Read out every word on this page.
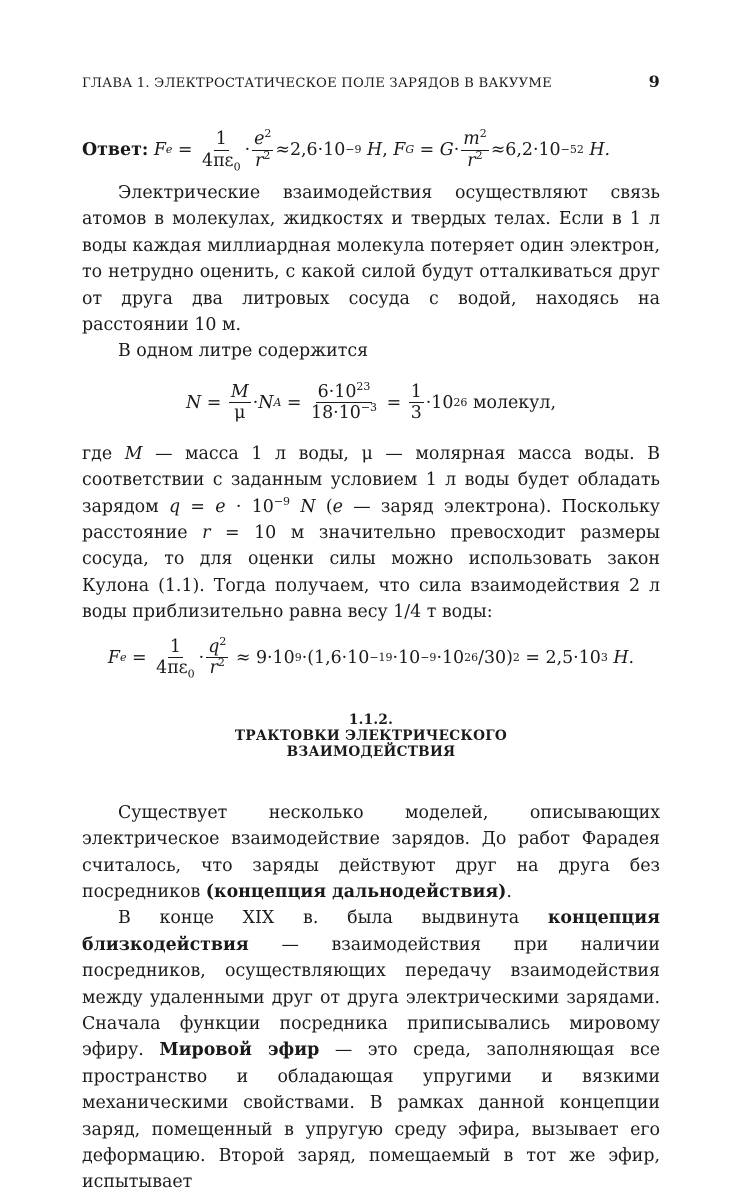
ГЛАВА 1. ЭЛЕКТРОСТАТИЧЕСКОЕ ПОЛЕ ЗАРЯДОВ В ВАКУУМЕ	9
Ответ:
F $e = \frac{1}{4\pi\varepsilon_0} \cdot \frac{e^2}{r^2} \approx 2,6\cdot 10 -9$
H , F $G = G \cdot \frac{m^2}{r^2} \approx 6,2\cdot 10 -52$
H.

Электрические взаимодействия осуществляют связь атомов в молекулах, жидкостях и твердых телах. Если в 1 л воды каждая миллиардная молекула потеряет один электрон, то нетрудно оценить, с какой силой будут отталкиваться друг от друга два литровых сосуда с водой, находясь на расстоянии 10 м.

В одном литре содержится

$N = \frac{M}{\mu} \cdot N$ $A = \frac{6\cdot 10^{23}}{18\cdot 10^{-3}} = \frac{1}{3} \cdot 10$ 26
молекул,

где M — масса 1 л воды, μ — молярная масса воды. В соответствии с заданным условием 1 л воды будет обладать зарядом $q = e \cdot 10^{-9}$ N (e — заряд электрона). Поскольку расстояние r = 10 м значительно превосходит размеры сосуда, то для оценки силы можно использовать закон Кулона (1.1). Тогда получаем, что сила взаимодействия 2 л воды приблизительно равна весу 1/4 т воды:

F $e = \frac{1}{4\pi\varepsilon_0} \cdot \frac{q^2}{r^2} \approx 9\cdot 10$ 9 ·(1,6·10 −19 ·10 −9 ·10 26 /30) 2 = 2,5·10 3
H .
1.1.2.
ТРАКТОВКИ ЭЛЕКТРИЧЕСКОГО
ВЗАИМОДЕЙСТВИЯ

Существует несколько моделей, описывающих электрическое взаимодействие зарядов. До работ Фарадея считалось, что заряды действуют друг на друга без посредников (концепция дальнодействия).

В конце XIX в. была выдвинута концепция близкодействия — взаимодействия при наличии посредников, осуществляющих передачу взаимодействия между удаленными друг от друга электрическими зарядами. Сначала функции посредника приписывались мировому эфиру. Мировой эфир — это среда, заполняющая все пространство и обладающая упругими и вязкими механическими свойствами. В рамках данной концепции заряд, помещенный в упругую среду эфира, вызывает его деформацию. Второй заряд, помещаемый в тот же эфир, испытывает
